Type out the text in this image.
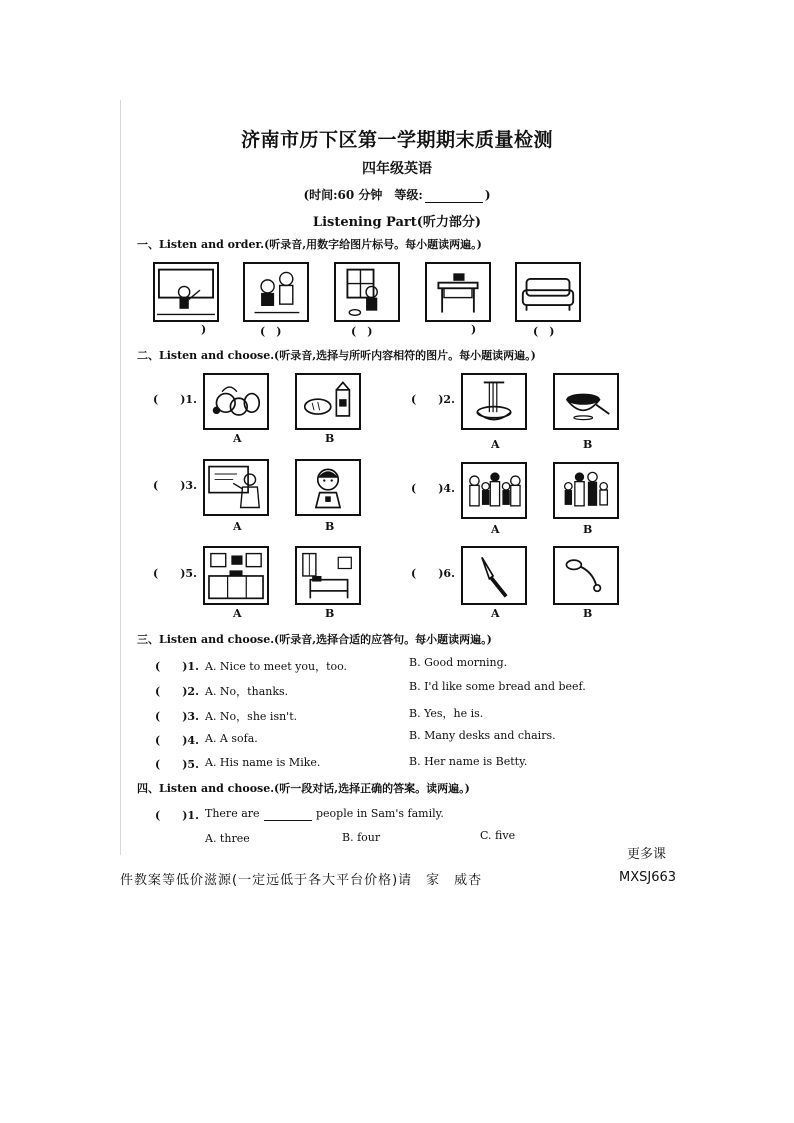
济南市历下区第一学期期末质量检测
四年级英语
(时间:60 分钟　等级:	)
Listening Part(听力部分)
一、Listen and order.(听录音,用数字给图片标号。每小题读两遍。)
)	(　)	(　)	)	(　)
二、Listen and choose.(听录音,选择与所听内容相符的图片。每小题读两遍。)
(　　)1.
A	B
(　　)2.
A	B
(　　)3.
A	B
(　　)4.
A	B
(　　)5.
A	B
(　　)6.
A	B
三、Listen and choose.(听录音,选择合适的应答句。每小题读两遍。)
(　　)1. A. Nice to meet you，too.	B. Good morning.
(　　)2. A. No，thanks.	B. I'd like some bread and beef.
(　　)3. A. No，she isn't.	B. Yes，he is.
(　　)4. A. A sofa.	B. Many desks and chairs.
(　　)5. A. His name is Mike.	B. Her name is Betty.
四、Listen and choose.(听一段对话,选择正确的答案。读两遍。)
(　　)1. There are	people in Sam's family.
A. three	B. four	C. five
更多课
件教案等低价滋源(一定远低于各大平台价格)请　家　威杏	MXSJ663
